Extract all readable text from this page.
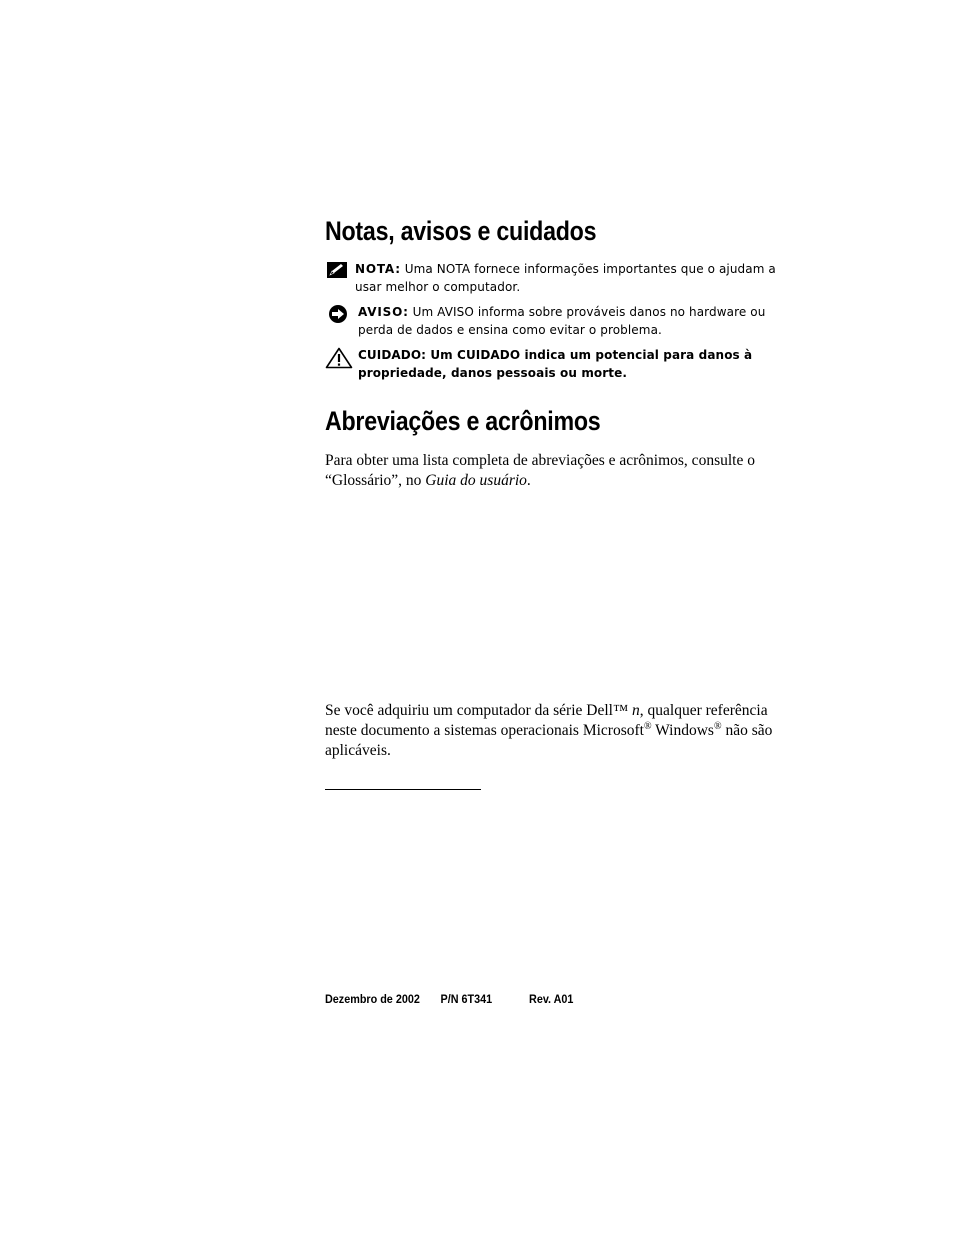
Notas, avisos e cuidados
NOTA: Uma NOTA fornece informações importantes que o ajudam a usar melhor o computador.
AVISO: Um AVISO informa sobre prováveis danos no hardware ou perda de dados e ensina como evitar o problema.
CUIDADO: Um CUIDADO indica um potencial para danos à propriedade, danos pessoais ou morte.
Abreviações e acrônimos
Para obter uma lista completa de abreviações e acrônimos, consulte o “Glossário”, no Guia do usuário.
Se você adquiriu um computador da série Dell™ n, qualquer referência neste documento a sistemas operacionais Microsoft® Windows® não são aplicáveis.
Dezembro de 2002 P/N 6T341	Rev. A01
